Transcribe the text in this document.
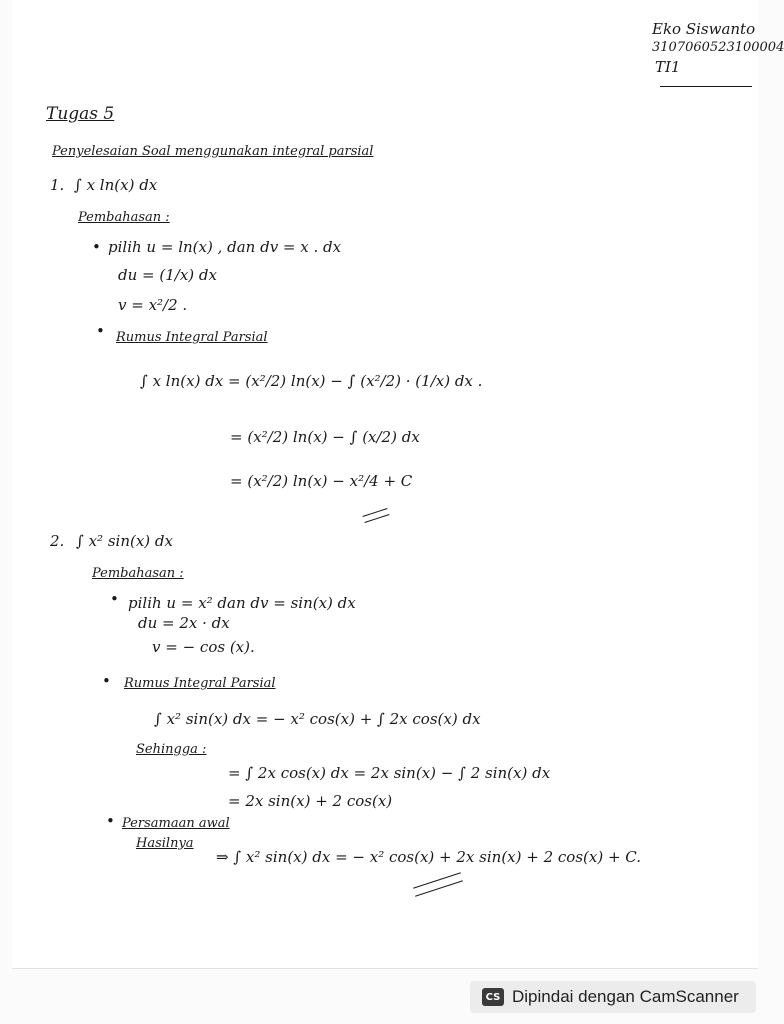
Eko Siswanto
3107060523100004
TI1
Tugas 5
Penyelesaian Soal menggunakan integral parsial
1. ∫ x ln(x) dx
Pembahasan :
• pilih u = ln(x) , dan dv = x . dx
du = (1/x) dx
v = x²/2 .
• Rumus Integral Parsial
∫ x ln(x) dx = (x²/2) ln(x) − ∫ (x²/2) · (1/x) dx .
= (x²/2) ln(x) − ∫ (x/2) dx
= (x²/2) ln(x) − x²/4 + C
2. ∫ x² sin(x) dx
Pembahasan :
• pilih u = x² dan dv = sin(x) dx
du = 2x · dx
v = − cos (x).
• Rumus Integral Parsial
∫ x² sin(x) dx = − x² cos(x) + ∫ 2x cos(x) dx
Sehingga :
= ∫ 2x cos(x) dx = 2x sin(x) − ∫ 2 sin(x) dx
= 2x sin(x) + 2 cos(x)
• Persamaan awal
Hasilnya
⇒ ∫ x² sin(x) dx = − x² cos(x) + 2x sin(x) + 2 cos(x) + C.
CS Dipindai dengan CamScanner
